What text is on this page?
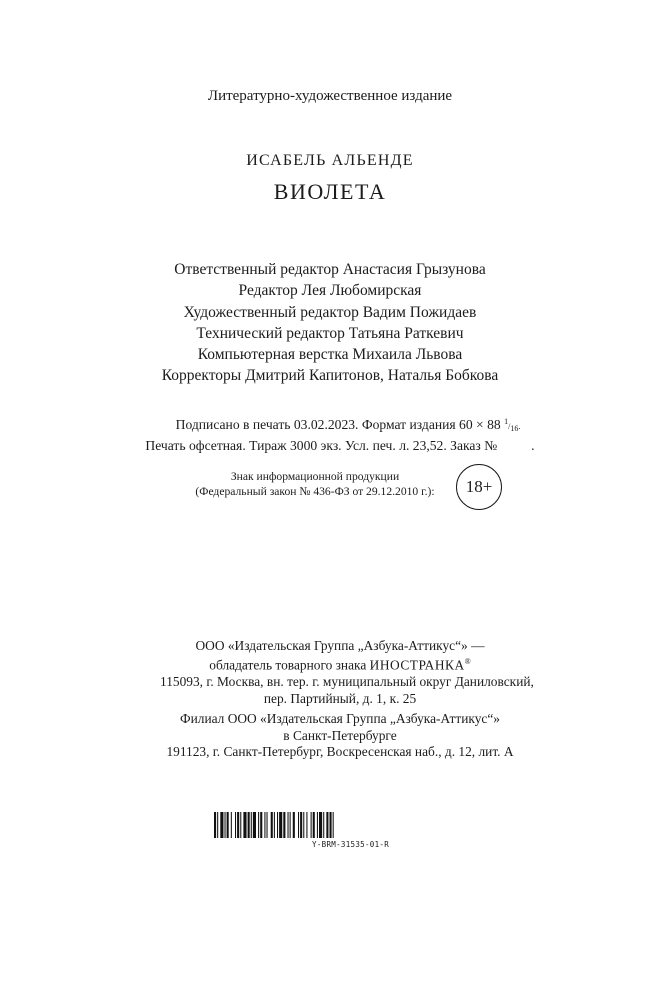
Литературно-художественное издание
ИСАБЕЛЬ АЛЬЕНДЕ
ВИОЛЕТА
Ответственный редактор Анастасия Грызунова
Редактор Лея Любомирская
Художественный редактор Вадим Пожидаев
Технический редактор Татьяна Раткевич
Компьютерная верстка Михаила Львова
Корректоры Дмитрий Капитонов, Наталья Бобкова
Подписано в печать 03.02.2023. Формат издания 60 × 88 1/16.
Печать офсетная. Тираж 3000 экз. Усл. печ. л. 23,52. Заказ №	.
Знак информационной продукции
(Федеральный закон № 436-ФЗ от 29.12.2010 г.):	18+
ООО «Издательская Группа „Азбука-Аттикус“» —
обладатель товарного знака ИНОСТРАНКА®
115093, г. Москва, вн. тер. г. муниципальный округ Даниловский,
пер. Партийный, д. 1, к. 25
Филиал ООО «Издательская Группа „Азбука-Аттикус“»
в Санкт-Петербурге
191123, г. Санкт-Петербург, Воскресенская наб., д. 12, лит. А
Y-BRM-31535-01-R
